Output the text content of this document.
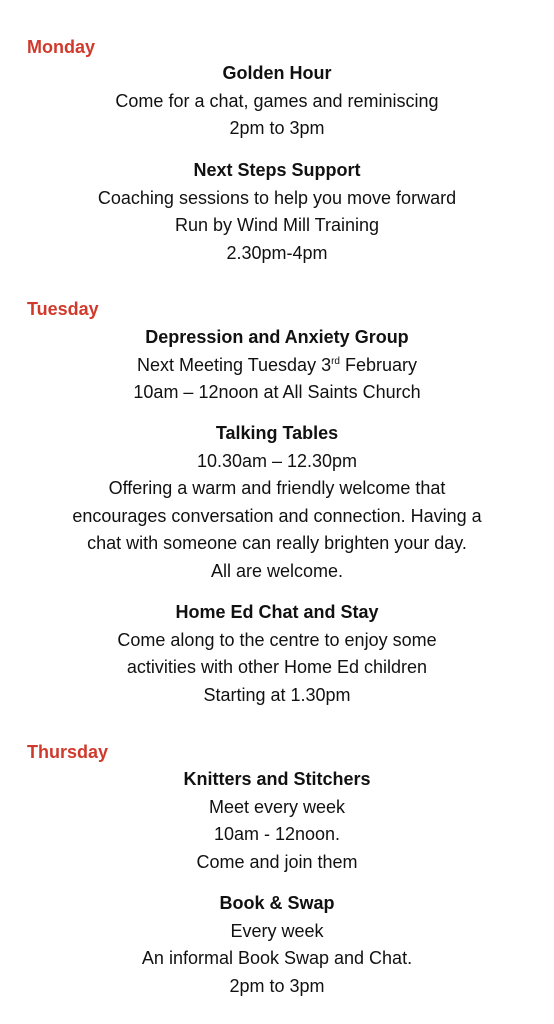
Monday
Golden Hour
Come for a chat, games and reminiscing
2pm to 3pm
Next Steps Support
Coaching sessions to help you move forward
Run by Wind Mill Training
2.30pm-4pm
Tuesday
Depression and Anxiety Group
Next Meeting Tuesday 3rd February
10am – 12noon at All Saints Church
Talking Tables
10.30am – 12.30pm
Offering a warm and friendly welcome that
encourages conversation and connection. Having a
chat with someone can really brighten your day.
All are welcome.
Home Ed Chat and Stay
Come along to the centre to enjoy some
activities with other Home Ed children
Starting at 1.30pm
Thursday
Knitters and Stitchers
Meet every week
10am - 12noon.
Come and join them
Book & Swap
Every week
An informal Book Swap and Chat.
2pm to 3pm
